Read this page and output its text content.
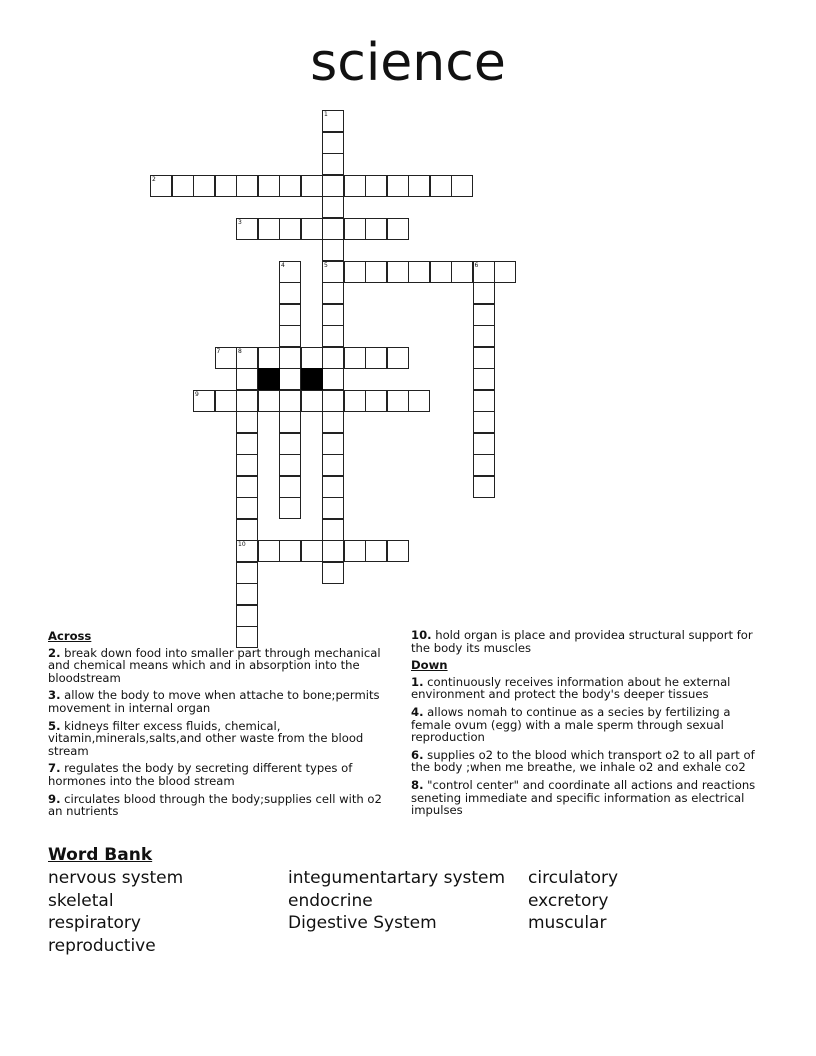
science
2
3
5	6
7	8
9
10
1
4
Across
2. break down food into smaller part through mechanical and chemical means which and in absorption into the bloodstream
3. allow the body to move when attache to bone;permits movement in internal organ
5. kidneys filter excess fluids, chemical, vitamin,minerals,salts,and other waste from the blood stream
7. regulates the body by secreting different types of hormones into the blood stream
9. circulates blood through the body;supplies cell with o2 an nutrients
10. hold organ is place and providea structural support for the body its muscles
Down
1. continuously receives information about he external environment and protect the body's deeper tissues
4. allows nomah to continue as a secies by fertilizing a female ovum (egg) with a male sperm through sexual reproduction
6. supplies o2 to the blood which transport o2 to all part of the body ;when me breathe, we inhale o2 and exhale co2
8. "control center" and coordinate all actions and reactions seneting immediate and specific information as electrical impulses
Word Bank
nervous system	integumentartary system	circulatory
skeletal	endocrine	excretory
respiratory	Digestive System	muscular
reproductive
